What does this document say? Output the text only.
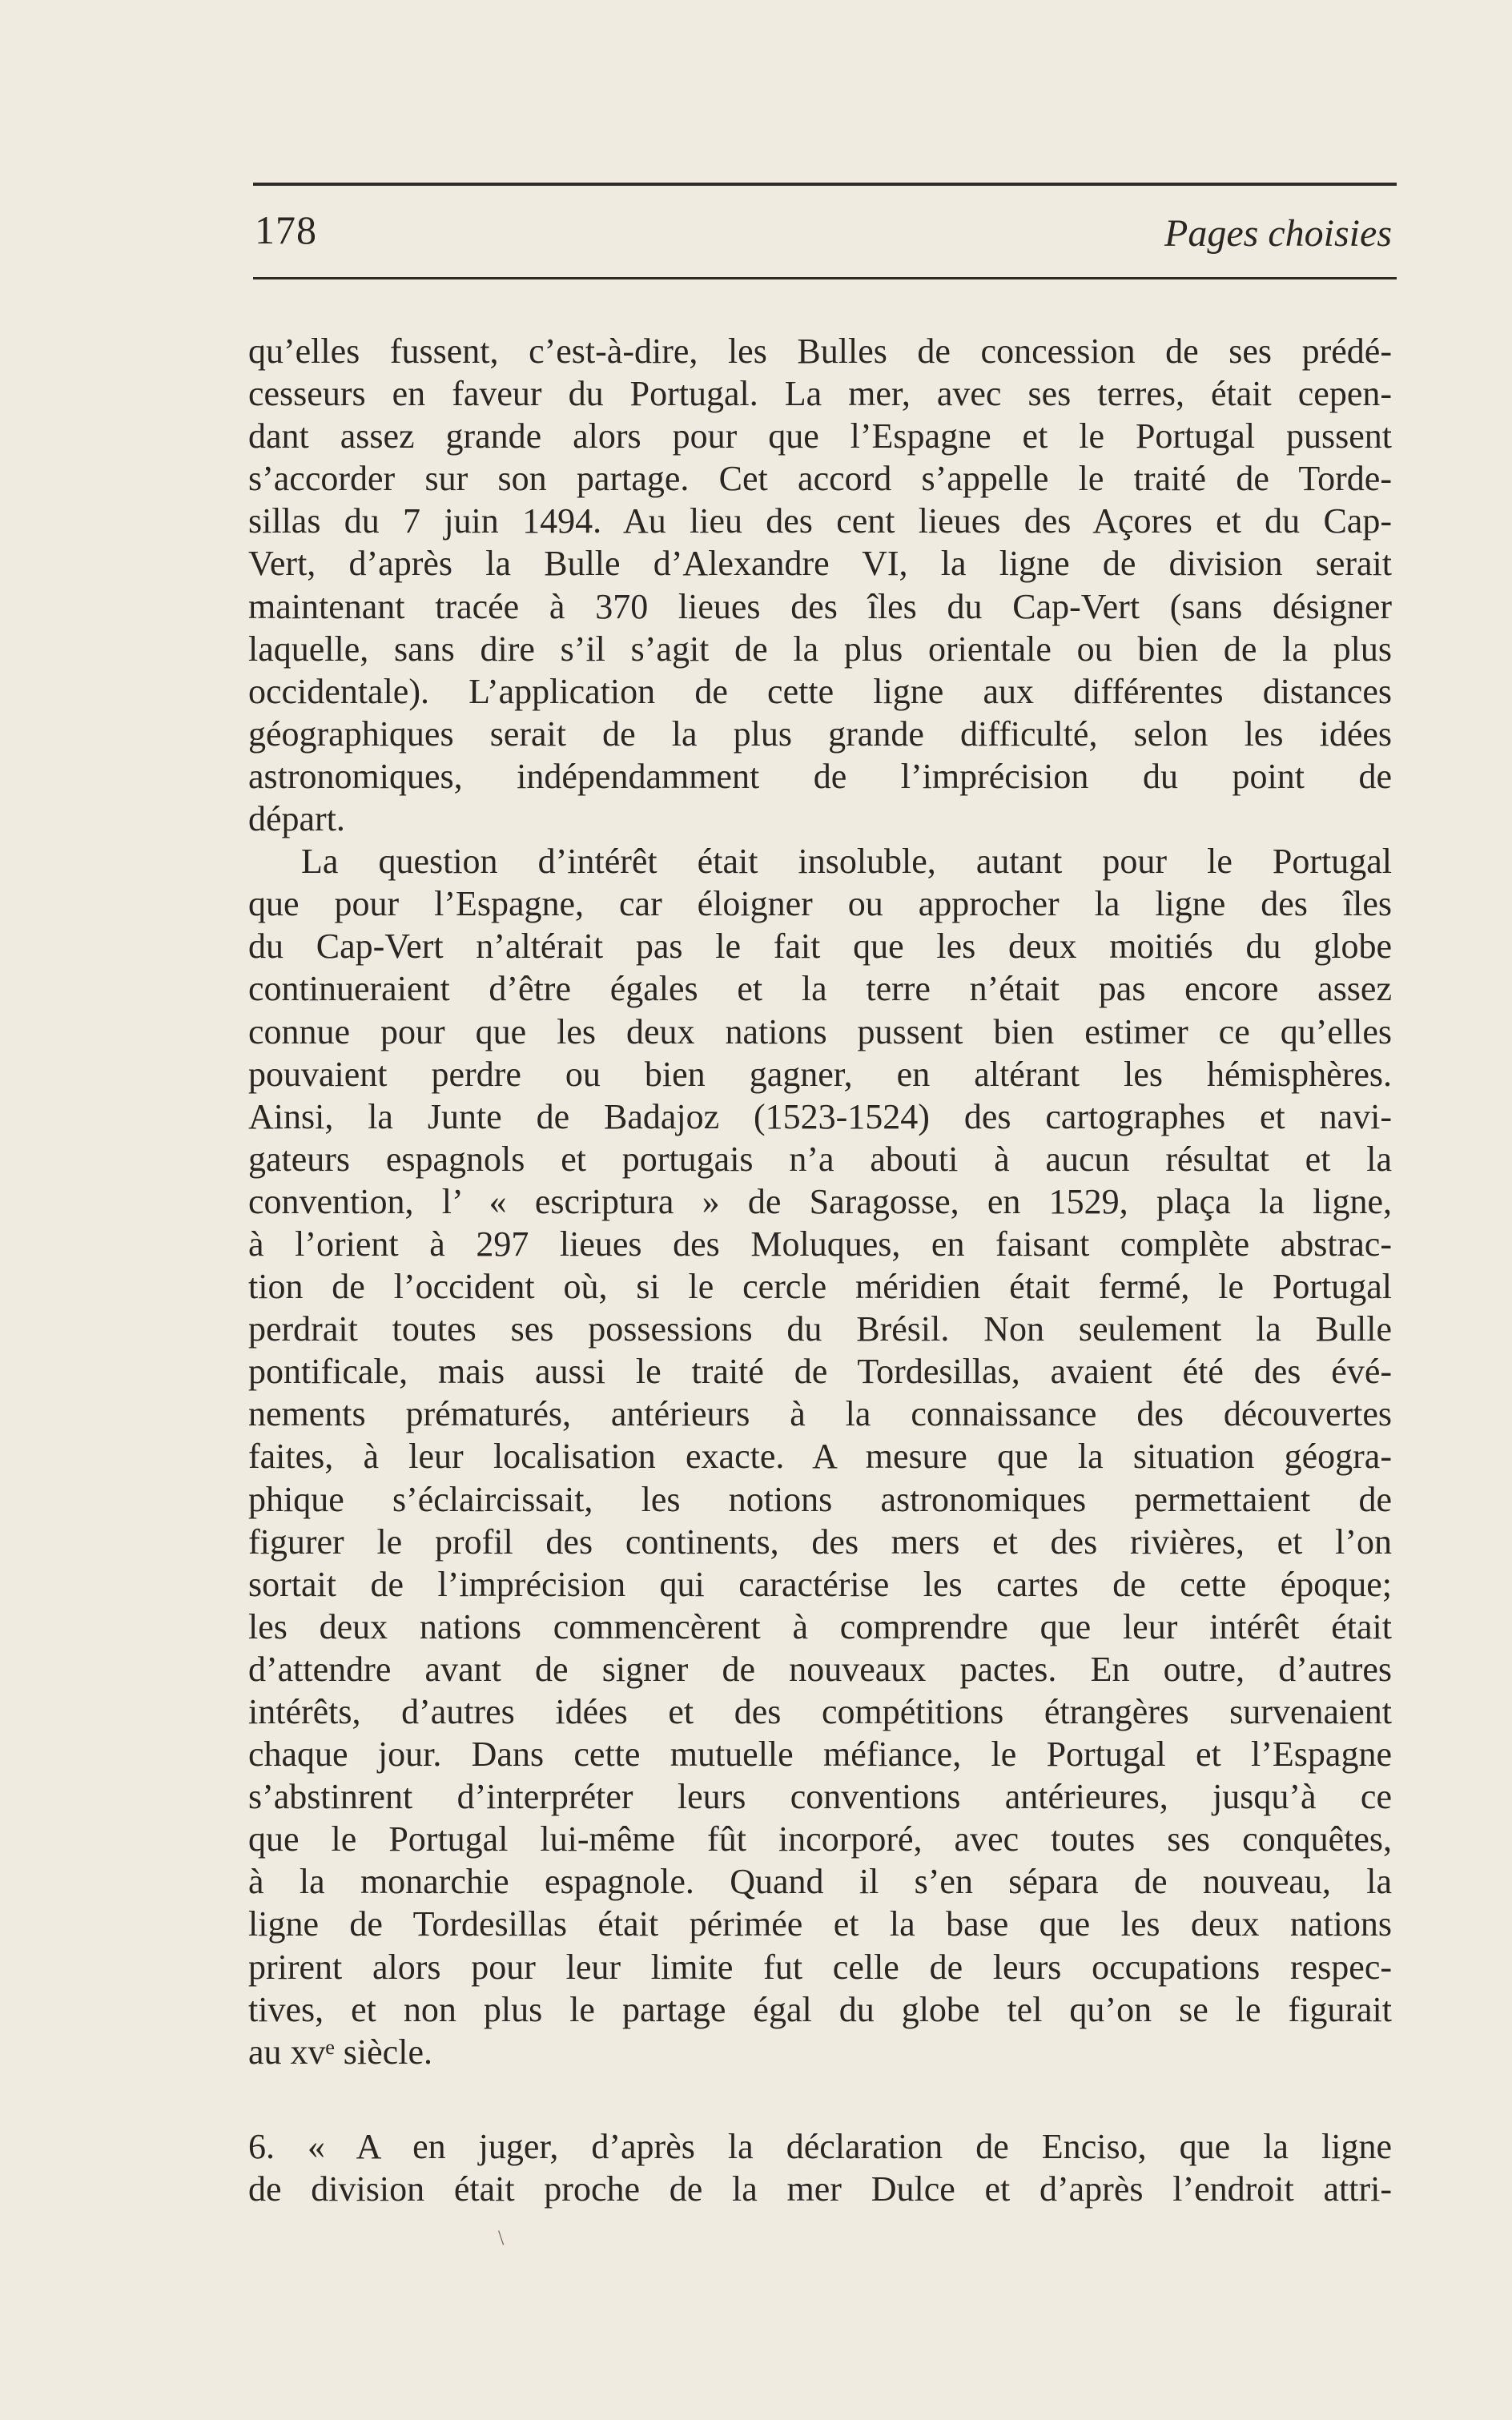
178	Pages choisies
qu’elles fussent, c’est-à-dire, les Bulles de concession de ses prédé-
cesseurs en faveur du Portugal. La mer, avec ses terres, était cepen-
dant assez grande alors pour que l’Espagne et le Portugal pussent
s’accorder sur son partage. Cet accord s’appelle le traité de Torde-
sillas du 7 juin 1494. Au lieu des cent lieues des Açores et du Cap-
Vert, d’après la Bulle d’Alexandre VI, la ligne de division serait
maintenant tracée à 370 lieues des îles du Cap-Vert (sans désigner
laquelle, sans dire s’il s’agit de la plus orientale ou bien de la plus
occidentale). L’application de cette ligne aux différentes distances
géographiques serait de la plus grande difficulté, selon les idées
astronomiques, indépendamment de l’imprécision du point de
départ.
La question d’intérêt était insoluble, autant pour le Portugal
que pour l’Espagne, car éloigner ou approcher la ligne des îles
du Cap-Vert n’altérait pas le fait que les deux moitiés du globe
continueraient d’être égales et la terre n’était pas encore assez
connue pour que les deux nations pussent bien estimer ce qu’elles
pouvaient perdre ou bien gagner, en altérant les hémisphères.
Ainsi, la Junte de Badajoz (1523-1524) des cartographes et navi-
gateurs espagnols et portugais n’a abouti à aucun résultat et la
convention, l’ « escriptura » de Saragosse, en 1529, plaça la ligne,
à l’orient à 297 lieues des Moluques, en faisant complète abstrac-
tion de l’occident où, si le cercle méridien était fermé, le Portugal
perdrait toutes ses possessions du Brésil. Non seulement la Bulle
pontificale, mais aussi le traité de Tordesillas, avaient été des évé-
nements prématurés, antérieurs à la connaissance des découvertes
faites, à leur localisation exacte. A mesure que la situation géogra-
phique s’éclaircissait, les notions astronomiques permettaient de
figurer le profil des continents, des mers et des rivières, et l’on
sortait de l’imprécision qui caractérise les cartes de cette époque;
les deux nations commencèrent à comprendre que leur intérêt était
d’attendre avant de signer de nouveaux pactes. En outre, d’autres
intérêts, d’autres idées et des compétitions étrangères survenaient
chaque jour. Dans cette mutuelle méfiance, le Portugal et l’Espagne
s’abstinrent d’interpréter leurs conventions antérieures, jusqu’à ce
que le Portugal lui-même fût incorporé, avec toutes ses conquêtes,
à la monarchie espagnole. Quand il s’en sépara de nouveau, la
ligne de Tordesillas était périmée et la base que les deux nations
prirent alors pour leur limite fut celle de leurs occupations respec-
tives, et non plus le partage égal du globe tel qu’on se le figurait
au xvᵉ siècle.
6. « A en juger, d’après la déclaration de Enciso, que la ligne
de division était proche de la mer Dulce et d’après l’endroit attri-
\
